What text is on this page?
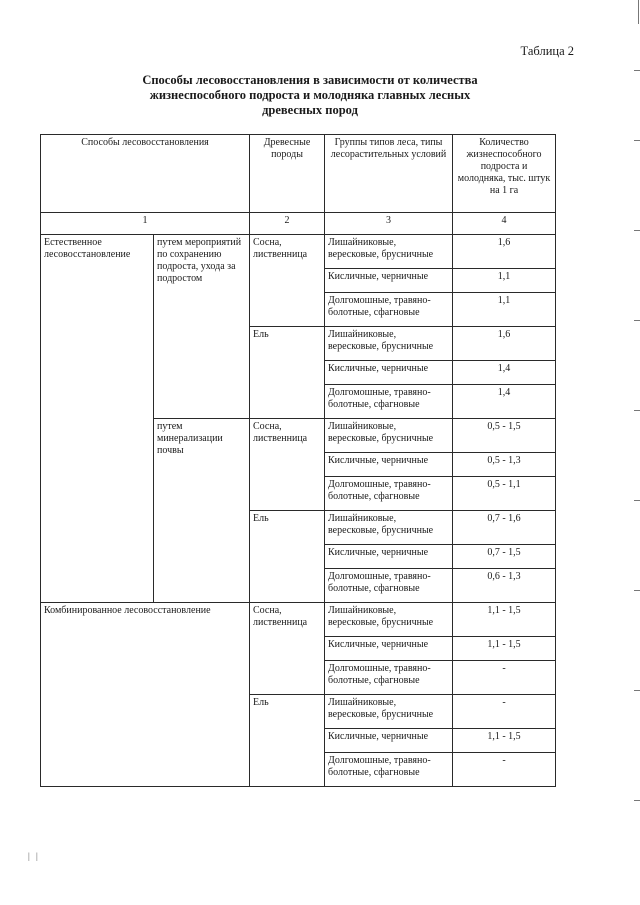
Таблица 2
Способы лесовосстановления в зависимости от количества
жизнеспособного подроста и молодняка главных лесных
древесных пород
Способы лесовосстановления		Древесные породы	Группы типов леса, типы лесорастительных условий	Количество жизнеспособного подроста и молодняка, тыс. штук на 1 га
1		2	3	4
Естественное лесовосстановление	путем мероприятий по сохранению подроста, ухода за подростом	Сосна, лиственница	Лишайниковые, вересковые, брусничные	1,6
			Кисличные, черничные	1,1
			Долгомошные, травяно-болотные, сфагновые	1,1
		Ель	Лишайниковые, вересковые, брусничные	1,6
			Кисличные, черничные	1,4
			Долгомошные, травяно-болотные, сфагновые	1,4
	путем минерализации почвы	Сосна, лиственница	Лишайниковые, вересковые, брусничные	0,5 - 1,5
			Кисличные, черничные	0,5 - 1,3
			Долгомошные, травяно-болотные, сфагновые	0,5 - 1,1
		Ель	Лишайниковые, вересковые, брусничные	0,7 - 1,6
			Кисличные, черничные	0,7 - 1,5
			Долгомошные, травяно-болотные, сфагновые	0,6 - 1,3
Комбинированное лесовосстановление		Сосна, лиственница	Лишайниковые, вересковые, брусничные	1,1 - 1,5
			Кисличные, черничные	1,1 - 1,5
			Долгомошные, травяно-болотные, сфагновые	-
		Ель	Лишайниковые, вересковые, брусничные	-
			Кисличные, черничные	1,1 - 1,5
			Долгомошные, травяно-болотные, сфагновые	-
| |
